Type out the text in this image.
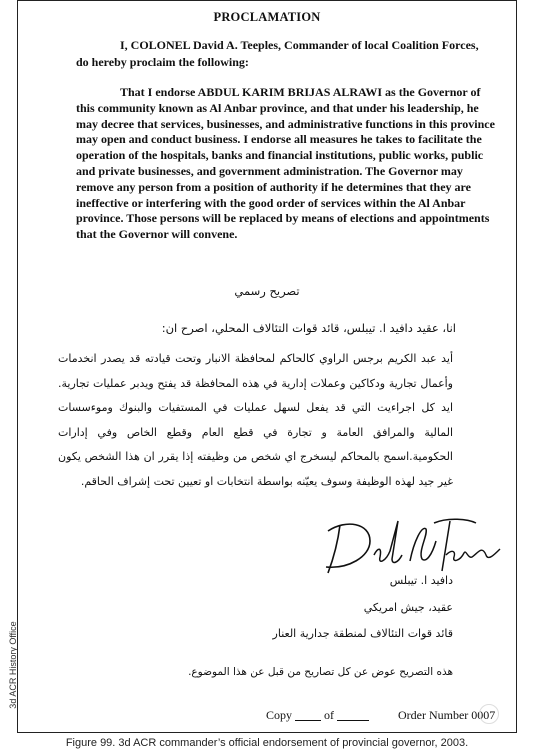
PROCLAMATION

I, COLONEL David A. Teeples, Commander of local Coalition Forces, do hereby proclaim the following:

That I endorse ABDUL KARIM BRIJAS ALRAWI as the Governor of this community known as Al Anbar province, and that under his leadership, he may decree that services, businesses, and administrative functions in this province may open and conduct business. I endorse all measures he takes to facilitate the operation of the hospitals, banks and financial institutions, public works, public and private businesses, and government administration. The Governor may remove any person from a position of authority if he determines that they are ineffective or interfering with the good order of services within the Al Anbar province. Those persons will be replaced by means of elections and appointments that the Governor will convene.

تصريح رسمي

انا، عقيد دافيد ا. تيبلس، قائد قوات التئالاف المحلي، اصرح ان:

أيد عبد الكريم برجس الراوي كالحاكم لمحافظة الانبار وتحت قيادته قد يصدر انخدمات وأعمال تجارية ودكاكين وعملات إدارية في هذه المحافظة قد يفتح ويدبر عمليات تجارية. ايد كل اجراءيت التي قد يفعل لسهل عمليات في المستفيات والبنوك وموءسسات المالية والمرافق العامة و تجارة في قطع العام وقطع الخاص وفي إدارات الحكومية.اسمح بالمحاكم ليسخرج اي شخص من وظيفته إذا يقرر ان هذا الشخص يكون غير جيد لهذه الوظيفة وسوف يعيّنه بواسطة انتخابات او تعيين تحت إشراف الحاقم.

دافيد ا. تيبلس

عقيد، جيش امريكي

قائد قوات التئالاف لمنطقة جدارية العنار

هذه التصريح عوض عن كل تصاريح من قبل عن هذا الموضوع.

Copy	of	Order Number 0007
3d ACR History Office
Figure 99. 3d ACR commander’s official endorsement of provincial governor, 2003.
